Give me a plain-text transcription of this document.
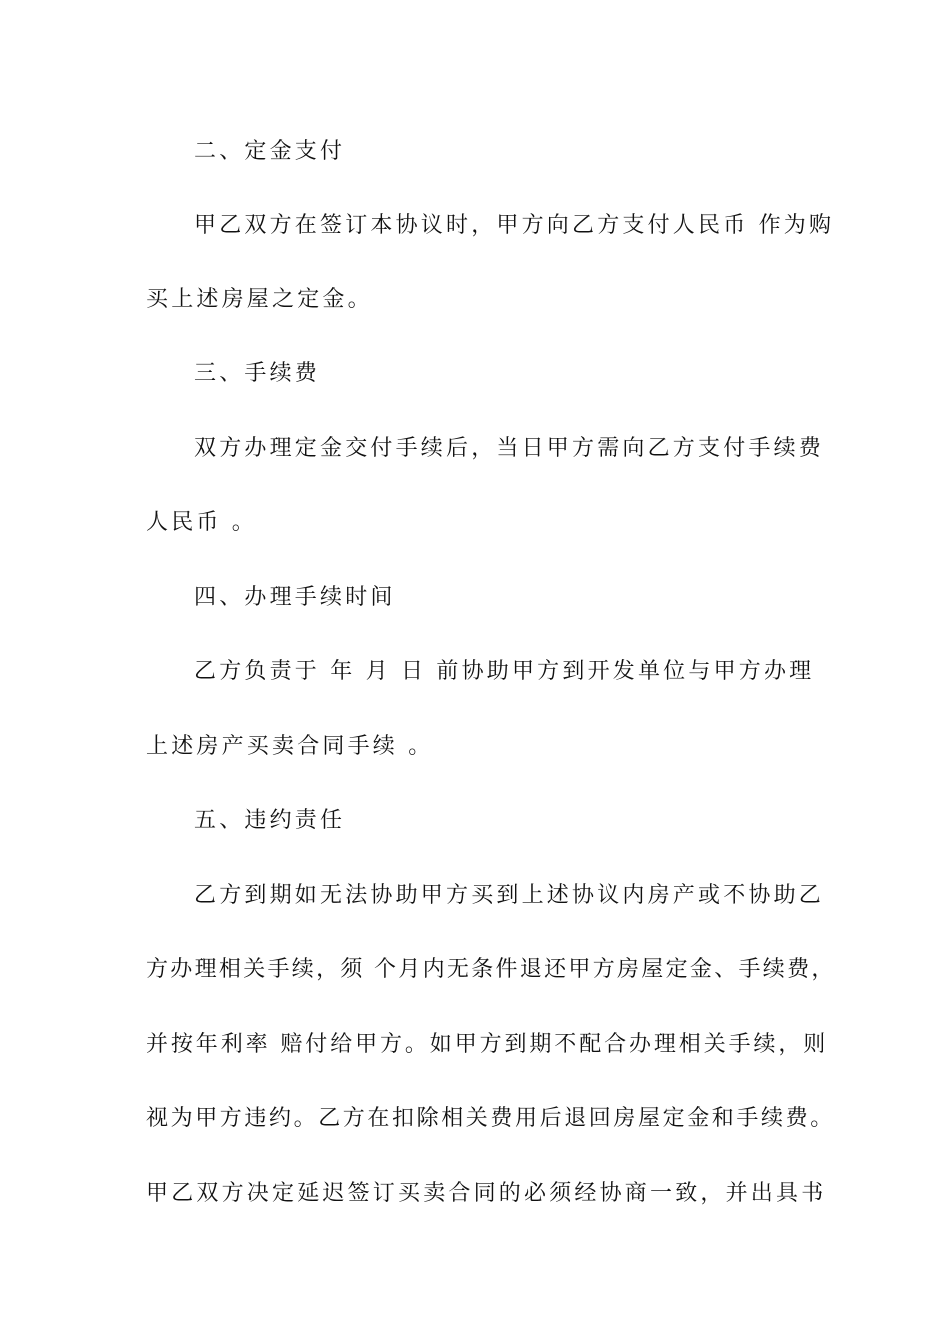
二、定金支付
甲乙双方在签订本协议时，甲方向乙方支付人民币 作为购
买上述房屋之定金。
三、手续费
双方办理定金交付手续后，当日甲方需向乙方支付手续费
人民币 。
四、办理手续时间
乙方负责于 年 月 日 前协助甲方到开发单位与甲方办理
上述房产买卖合同手续 。
五、违约责任
乙方到期如无法协助甲方买到上述协议内房产或不协助乙
方办理相关手续，须 个月内无条件退还甲方房屋定金、手续费，
并按年利率 赔付给甲方。如甲方到期不配合办理相关手续，则
视为甲方违约。乙方在扣除相关费用后退回房屋定金和手续费。
甲乙双方决定延迟签订买卖合同的必须经协商一致，并出具书
